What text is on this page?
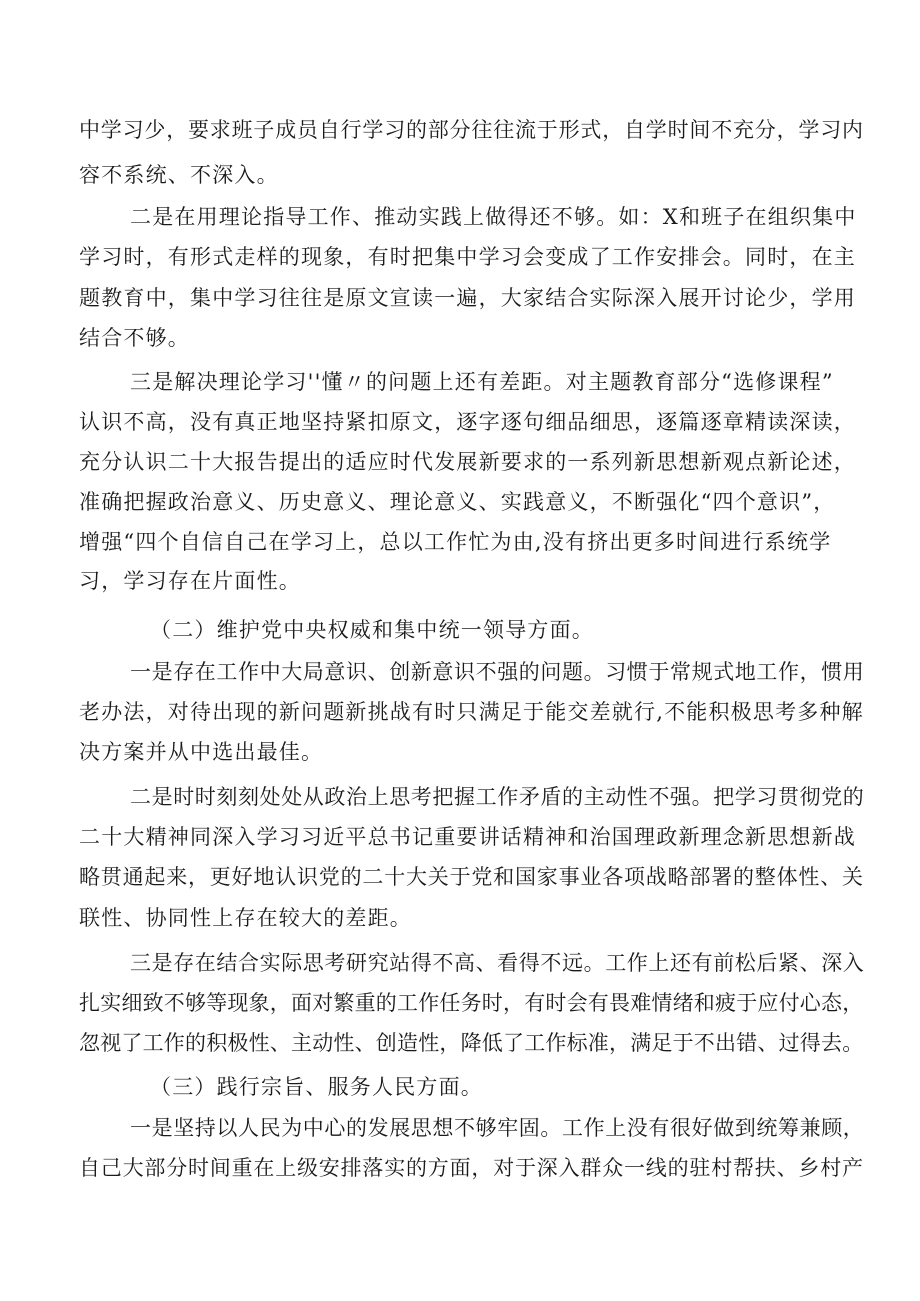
中学习少，要求班子成员自行学习的部分往往流于形式，自学时间不充分，学习内
容不系统、不深入。
二是在用理论指导工作、推动实践上做得还不够。如：X和班子在组织集中
学习时，有形式走样的现象，有时把集中学习会变成了工作安排会。同时，在主
题教育中，集中学习往往是原文宣读一遍，大家结合实际深入展开讨论少，学用
结合不够。
三是解决理论学习''懂〃的问题上还有差距。对主题教育部分“选修课程”
认识不高，没有真正地坚持紧扣原文，逐字逐句细品细思，逐篇逐章精读深读，
充分认识二十大报告提出的适应时代发展新要求的一系列新思想新观点新论述，
准确把握政治意义、历史意义、理论意义、实践意义，不断强化“四个意识”，
增强“四个自信自己在学习上，总以工作忙为由,没有挤出更多时间进行系统学
习，学习存在片面性。
（二）维护党中央权威和集中统一领导方面。
一是存在工作中大局意识、创新意识不强的问题。习惯于常规式地工作，惯用
老办法，对待出现的新问题新挑战有时只满足于能交差就行,不能积极思考多种解
决方案并从中选出最佳。
二是时时刻刻处处从政治上思考把握工作矛盾的主动性不强。把学习贯彻党的
二十大精神同深入学习习近平总书记重要讲话精神和治国理政新理念新思想新战
略贯通起来，更好地认识党的二十大关于党和国家事业各项战略部署的整体性、关
联性、协同性上存在较大的差距。
三是存在结合实际思考研究站得不高、看得不远。工作上还有前松后紧、深入
扎实细致不够等现象，面对繁重的工作任务时，有时会有畏难情绪和疲于应付心态，
忽视了工作的积极性、主动性、创造性，降低了工作标准，满足于不出错、过得去。
（三）践行宗旨、服务人民方面。
一是坚持以人民为中心的发展思想不够牢固。工作上没有很好做到统筹兼顾，
自己大部分时间重在上级安排落实的方面，对于深入群众一线的驻村帮扶、乡村产
